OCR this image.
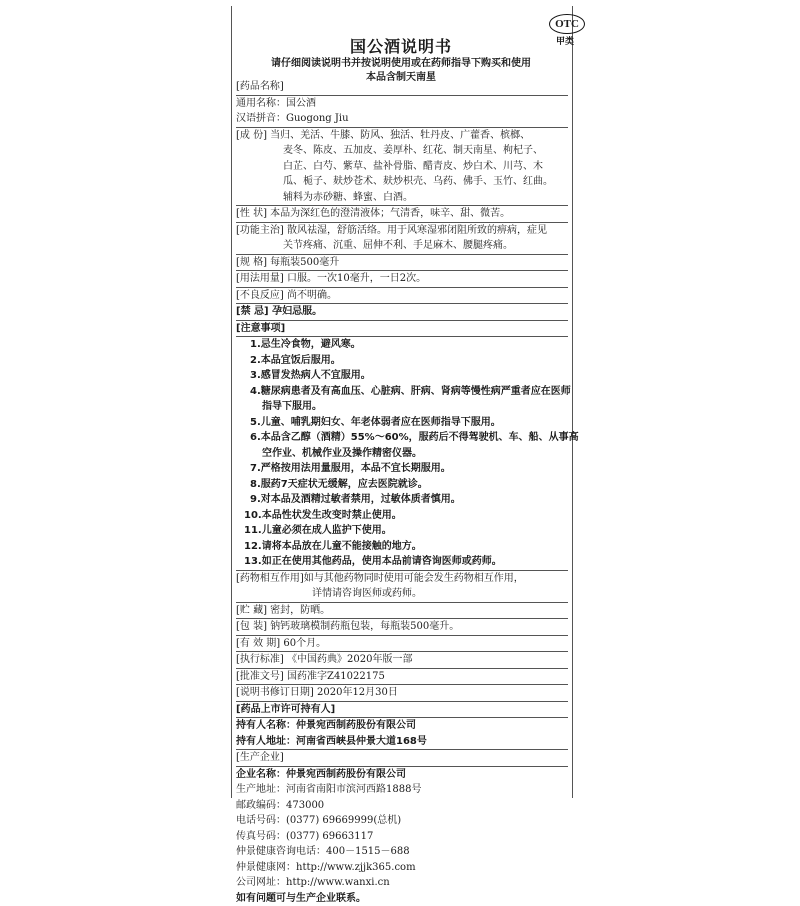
OTC
甲类
国公酒说明书
请仔细阅读说明书并按说明使用或在药师指导下购买和使用
本品含制天南星
[药品名称]
通用名称：国公酒
汉语拼音：Guogong Jiu
[成 份] 当归、羌活、牛膝、防风、独活、牡丹皮、广藿香、槟榔、
麦冬、陈皮、五加皮、姜厚朴、红花、制天南星、枸杞子、
白芷、白芍、紫草、盐补骨脂、醋青皮、炒白术、川芎、木
瓜、栀子、麸炒苍术、麸炒枳壳、乌药、佛手、玉竹、红曲。
辅料为赤砂糖、蜂蜜、白酒。
[性 状] 本品为深红色的澄清液体；气清香，味辛、甜、微苦。
[功能主治] 散风祛湿，舒筋活络。用于风寒湿邪闭阻所致的痹病，症见
关节疼痛、沉重、屈伸不利、手足麻木、腰腿疼痛。
[规 格] 每瓶装500毫升
[用法用量] 口服。一次10毫升，一日2次。
[不良反应] 尚不明确。
[禁 忌] 孕妇忌服。
[注意事项]
1.忌生冷食物，避风寒。
2.本品宜饭后服用。
3.感冒发热病人不宜服用。
4.糖尿病患者及有高血压、心脏病、肝病、肾病等慢性病严重者应在医师
指导下服用。
5.儿童、哺乳期妇女、年老体弱者应在医师指导下服用。
6.本品含乙醇（酒精）55%～60%，服药后不得驾驶机、车、船、从事高
空作业、机械作业及操作精密仪器。
7.严格按用法用量服用，本品不宜长期服用。
8.服药7天症状无缓解，应去医院就诊。
9.对本品及酒精过敏者禁用，过敏体质者慎用。
10.本品性状发生改变时禁止使用。
11.儿童必须在成人监护下使用。
12.请将本品放在儿童不能接触的地方。
13.如正在使用其他药品，使用本品前请咨询医师或药师。
[药物相互作用]如与其他药物同时使用可能会发生药物相互作用，
详情请咨询医师或药师。
[贮 藏] 密封，防晒。
[包 装] 钠钙玻璃模制药瓶包装，每瓶装500毫升。
[有 效 期] 60个月。
[执行标准] 《中国药典》2020年版一部
[批准文号] 国药准字Z41022175
[说明书修订日期] 2020年12月30日
[药品上市许可持有人]
持有人名称：仲景宛西制药股份有限公司
持有人地址：河南省西峡县仲景大道168号
[生产企业]
企业名称：仲景宛西制药股份有限公司
生产地址：河南省南阳市滨河西路1888号
邮政编码：473000
电话号码：(0377) 69669999(总机)
传真号码：(0377) 69663117
仲景健康咨询电话：400－1515－688
仲景健康网：http://www.zjjk365.com
公司网址：http://www.wanxi.cn
如有问题可与生产企业联系。
